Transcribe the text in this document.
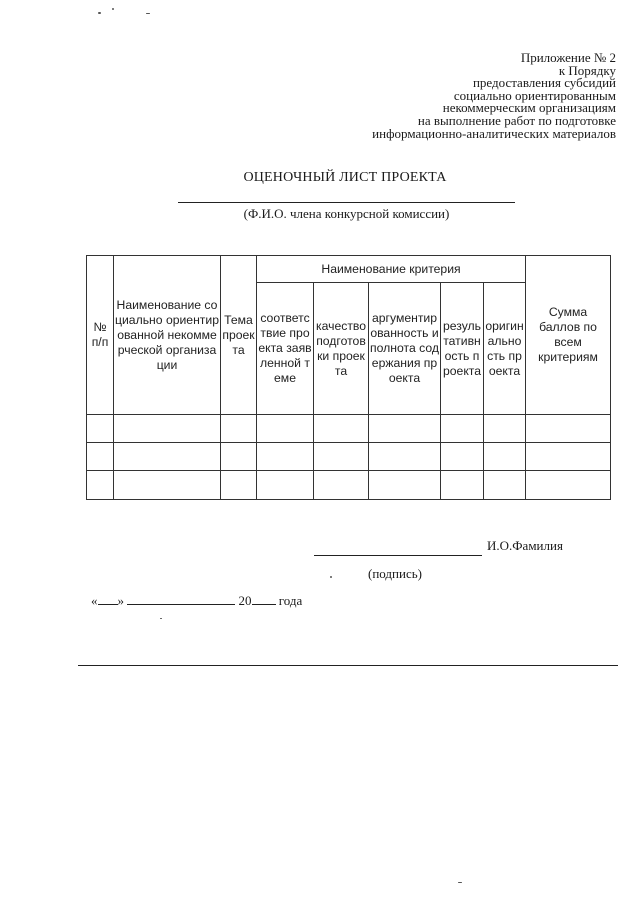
Приложение № 2
к Порядку
предоставления субсидий
социально ориентированным
некоммерческим организациям
на выполнение работ по подготовке
информационно-аналитических материалов
ОЦЕНОЧНЫЙ ЛИСТ ПРОЕКТА
(Ф.И.О. члена конкурсной комиссии)
№ п/п	Наименование социально ориентированной некоммерческой организации	Тема проекта	Наименование критерия					Сумма баллов по всем критериям
			соответствие проекта заявленной теме	качество подготовки проекта	аргументированность и полнота содержания проекта	результативность проекта	оригинальность проекта	

И.О.Фамилия
(подпись)
« »	20 года
